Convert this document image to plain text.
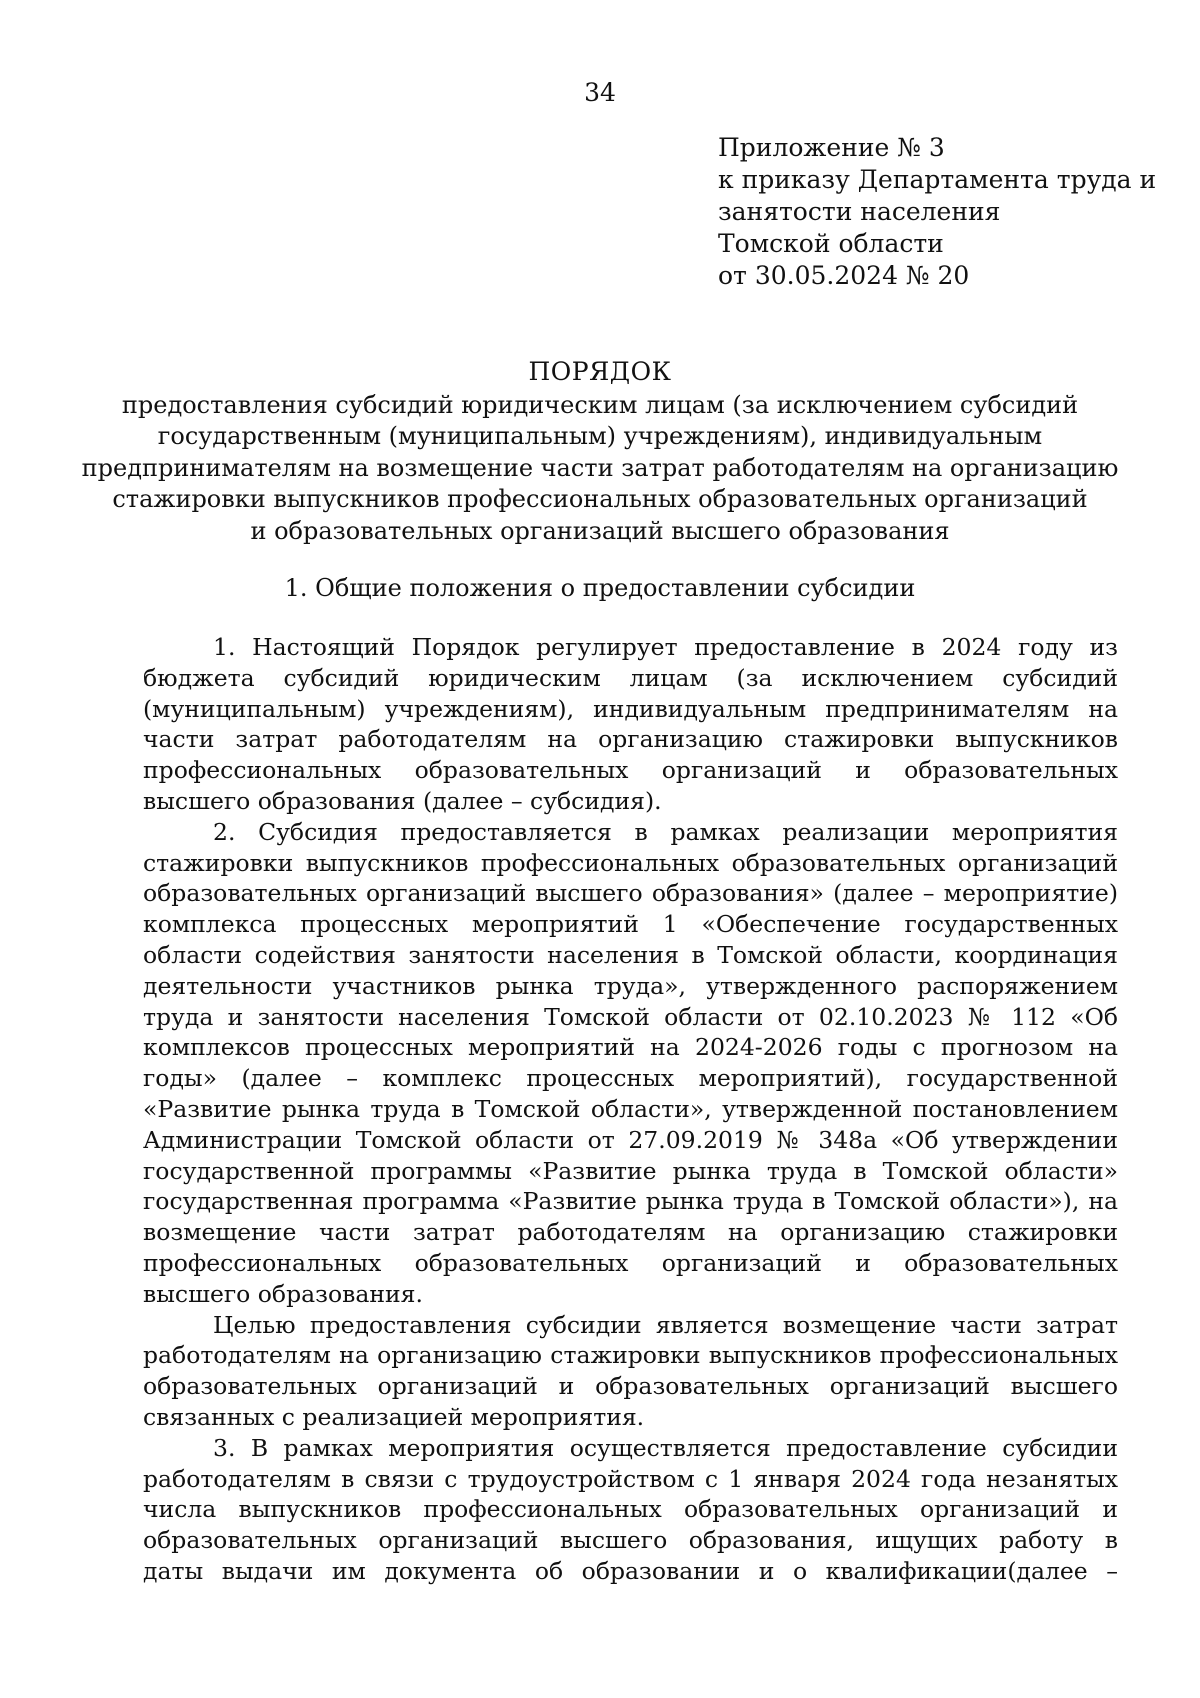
34
Приложение № 3
к приказу Департамента труда и
занятости населения
Томской области
от 30.05.2024 № 20
ПОРЯДОК
предоставления субсидий юридическим лицам (за исключением субсидий
государственным (муниципальным) учреждениям), индивидуальным
предпринимателям на возмещение части затрат работодателям на организацию
стажировки выпускников профессиональных образовательных организаций
и образовательных организаций высшего образования
1. Общие положения о предоставлении субсидии
1. Настоящий Порядок регулирует предоставление в 2024 году из
бюджета субсидий юридическим лицам (за исключением субсидий
(муниципальным) учреждениям), индивидуальным предпринимателям на
части затрат работодателям на организацию стажировки выпускников
профессиональных образовательных организаций и образовательных
высшего образования (далее – субсидия).
2. Субсидия предоставляется в рамках реализации мероприятия
стажировки выпускников профессиональных образовательных организаций
образовательных организаций высшего образования» (далее – мероприятие)
комплекса процессных мероприятий 1 «Обеспечение государственных
области содействия занятости населения в Томской области, координация
деятельности участников рынка труда», утвержденного распоряжением
труда и занятости населения Томской области от 02.10.2023 № 112 «Об
комплексов процессных мероприятий на 2024-2026 годы с прогнозом на
годы» (далее – комплекс процессных мероприятий), государственной
«Развитие рынка труда в Томской области», утвержденной постановлением
Администрации Томской области от 27.09.2019 № 348а «Об утверждении
государственной программы «Развитие рынка труда в Томской области»
государственная программа «Развитие рынка труда в Томской области»), на
возмещение части затрат работодателям на организацию стажировки
профессиональных образовательных организаций и образовательных
высшего образования.
Целью предоставления субсидии является возмещение части затрат
работодателям на организацию стажировки выпускников профессиональных
образовательных организаций и образовательных организаций высшего
связанных с реализацией мероприятия.
3. В рамках мероприятия осуществляется предоставление субсидии
работодателям в связи с трудоустройством с 1 января 2024 года незанятых
числа выпускников профессиональных образовательных организаций и
образовательных организаций высшего образования, ищущих работу в
даты выдачи им документа об образовании и о квалификации(далее –
